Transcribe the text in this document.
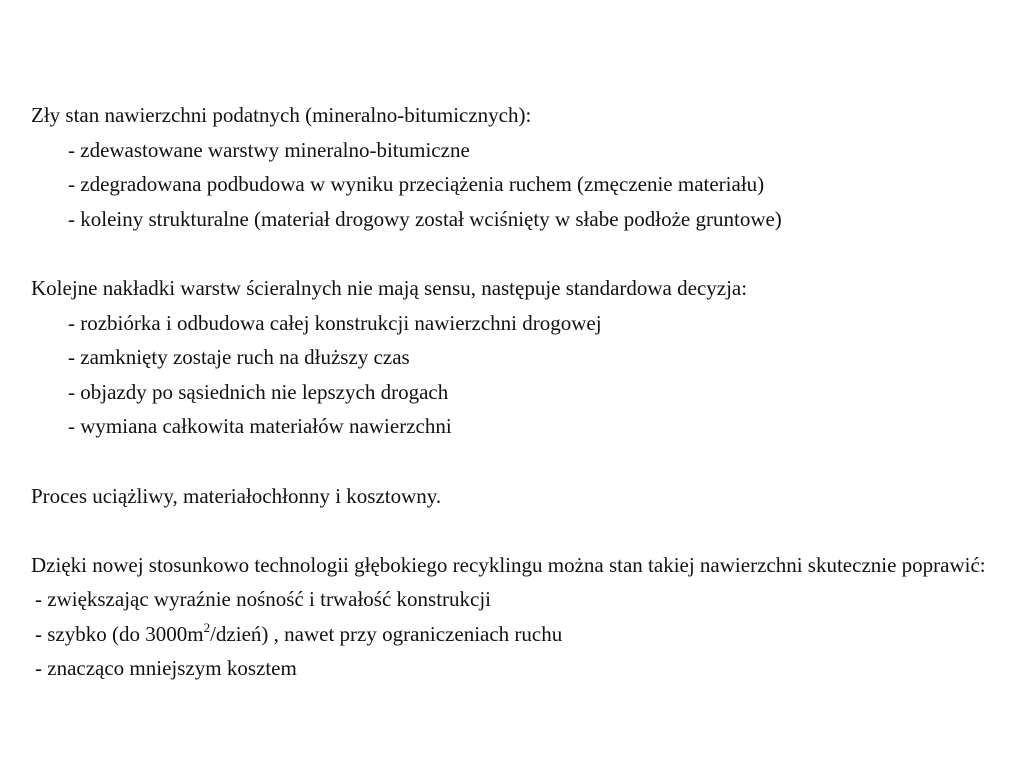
Zły stan nawierzchni podatnych (mineralno-bitumicznych):
- zdewastowane warstwy mineralno-bitumiczne
- zdegradowana podbudowa w wyniku przeciążenia ruchem (zmęczenie materiału)
- koleiny strukturalne (materiał drogowy został wciśnięty w słabe podłoże gruntowe)
Kolejne nakładki warstw ścieralnych nie mają sensu, następuje standardowa decyzja:
- rozbiórka i odbudowa całej konstrukcji nawierzchni drogowej
- zamknięty zostaje ruch na dłuższy czas
- objazdy po sąsiednich nie lepszych drogach
- wymiana całkowita materiałów nawierzchni
Proces uciążliwy, materiałochłonny i kosztowny.
Dzięki nowej stosunkowo technologii głębokiego recyklingu można stan takiej nawierzchni skutecznie poprawić:
- zwiększając wyraźnie nośność i trwałość konstrukcji
- szybko (do $3000m^2/dzień$) , nawet przy ograniczeniach ruchu
- znacząco mniejszym kosztem
